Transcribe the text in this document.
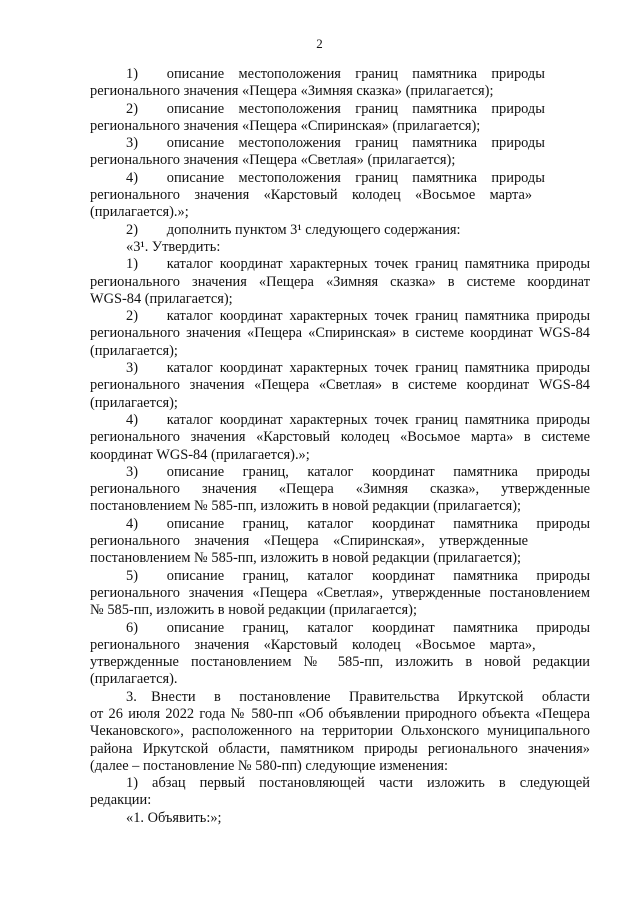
2
1)  описание местоположения границ памятника природы
регионального значения «Пещера «Зимняя сказка» (прилагается);
2)  описание местоположения границ памятника природы
регионального значения «Пещера «Спиринская» (прилагается);
3)  описание местоположения границ памятника природы
регионального значения «Пещера «Светлая» (прилагается);
4)  описание местоположения границ памятника природы
регионального значения «Карстовый колодец «Восьмое марта»
(прилагается).»;
2)  дополнить пунктом 3¹ следующего содержания:
«3¹. Утвердить:
1)  каталог координат характерных точек границ памятника природы
регионального значения «Пещера «Зимняя сказка» в системе координат
WGS-84 (прилагается);
2)  каталог координат характерных точек границ памятника природы
регионального значения «Пещера «Спиринская» в системе координат WGS-84
(прилагается);
3)  каталог координат характерных точек границ памятника природы
регионального значения «Пещера «Светлая» в системе координат WGS-84
(прилагается);
4)  каталог координат характерных точек границ памятника природы
регионального значения «Карстовый колодец «Восьмое марта» в системе
координат WGS-84 (прилагается).»;
3)  описание границ, каталог координат памятника природы
регионального значения «Пещера «Зимняя сказка», утвержденные
постановлением № 585-пп, изложить в новой редакции (прилагается);
4)  описание границ, каталог координат памятника природы
регионального значения «Пещера «Спиринская», утвержденные
постановлением № 585-пп, изложить в новой редакции (прилагается);
5)  описание границ, каталог координат памятника природы
регионального значения «Пещера «Светлая», утвержденные постановлением
№ 585-пп, изложить в новой редакции (прилагается);
6)  описание границ, каталог координат памятника природы
регионального значения «Карстовый колодец «Восьмое марта»,
утвержденные постановлением № 585-пп, изложить в новой редакции
(прилагается).
3. Внести в постановление Правительства Иркутской области
от 26 июля 2022 года № 580-пп «Об объявлении природного объекта «Пещера
Чекановского», расположенного на территории Ольхонского муниципального
района Иркутской области, памятником природы регионального значения»
(далее – постановление № 580-пп) следующие изменения:
1) абзац первый постановляющей части изложить в следующей
редакции:
«1. Объявить:»;
